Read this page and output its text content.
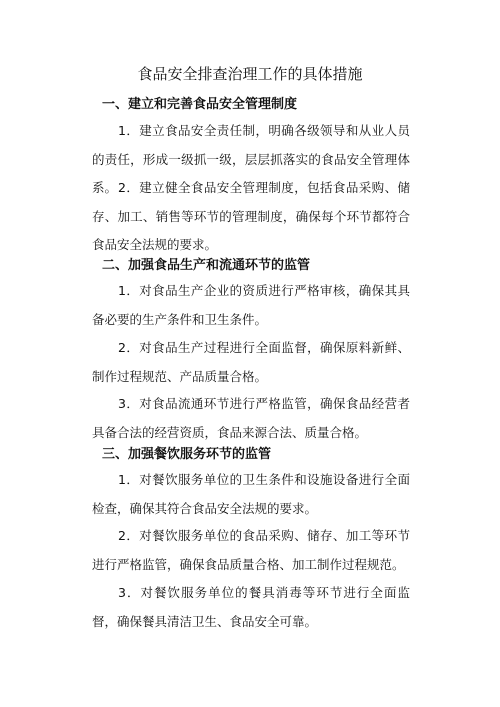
食品安全排查治理工作的具体措施
一、建立和完善食品安全管理制度
1．建立食品安全责任制，明确各级领导和从业人员的责任，形成一级抓一级，层层抓落实的食品安全管理体系。 2．建立健全食品安全管理制度，包括食品采购、储存、加工、销售等环节的管理制度，确保每个环节都符合食品安全法规的要求。
二、加强食品生产和流通环节的监管
1．对食品生产企业的资质进行严格审核，确保其具备必要的生产条件和卫生条件。
2．对食品生产过程进行全面监督，确保原料新鲜、制作过程规范、产品质量合格。
3．对食品流通环节进行严格监管，确保食品经营者具备合法的经营资质，食品来源合法、质量合格。
三、加强餐饮服务环节的监管
1．对餐饮服务单位的卫生条件和设施设备进行全面检查，确保其符合食品安全法规的要求。
2．对餐饮服务单位的食品采购、储存、加工等环节进行严格监管，确保食品质量合格、加工制作过程规范。
3．对餐饮服务单位的餐具消毒等环节进行全面监督，确保餐具清洁卫生、食品安全可靠。
